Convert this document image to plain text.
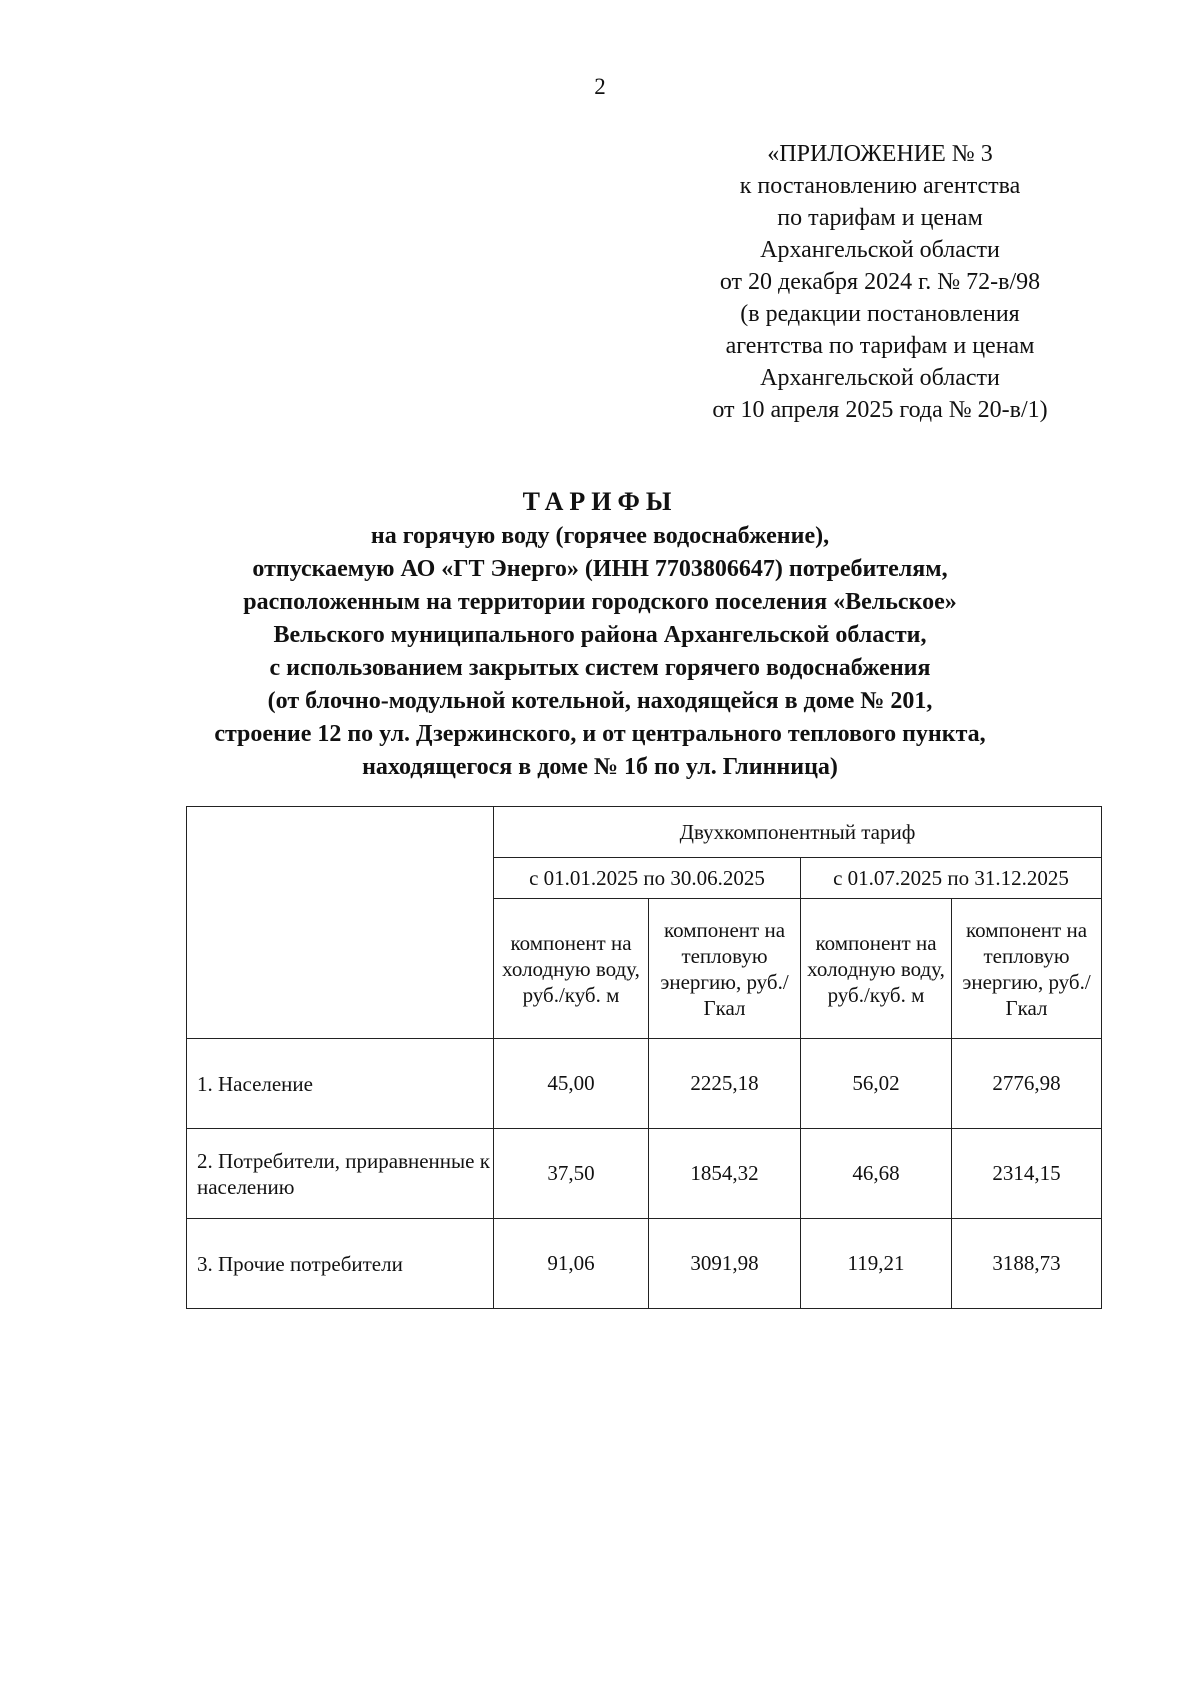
2
«ПРИЛОЖЕНИЕ № 3
к постановлению агентства
по тарифам и ценам
Архангельской области
от 20 декабря 2024 г. № 72-в/98
(в редакции постановления
агентства по тарифам и ценам
Архангельской области
от 10 апреля 2025 года № 20-в/1)
ТАРИФЫ
на горячую воду (горячее водоснабжение),
отпускаемую АО «ГТ Энерго» (ИНН 7703806647) потребителям,
расположенным на территории городского поселения «Вельское»
Вельского муниципального района Архангельской области,
с использованием закрытых систем горячего водоснабжения
(от блочно-модульной котельной, находящейся в доме № 201,
строение 12 по ул. Дзержинского, и от центрального теплового пункта,
находящегося в доме № 1б по ул. Глинница)
	Двухкомпонентный тариф			
	с 01.01.2025 по 30.06.2025		с 01.07.2025 по 31.12.2025	
	компонент на холодную воду, руб./куб. м	компонент на тепловую энергию, руб./Гкал	компонент на холодную воду, руб./куб. м	компонент на тепловую энергию, руб./Гкал
1. Население	45,00	2225,18	56,02	2776,98
2. Потребители, приравненные к населению	37,50	1854,32	46,68	2314,15
3. Прочие потребители	91,06	3091,98	119,21	3188,73
